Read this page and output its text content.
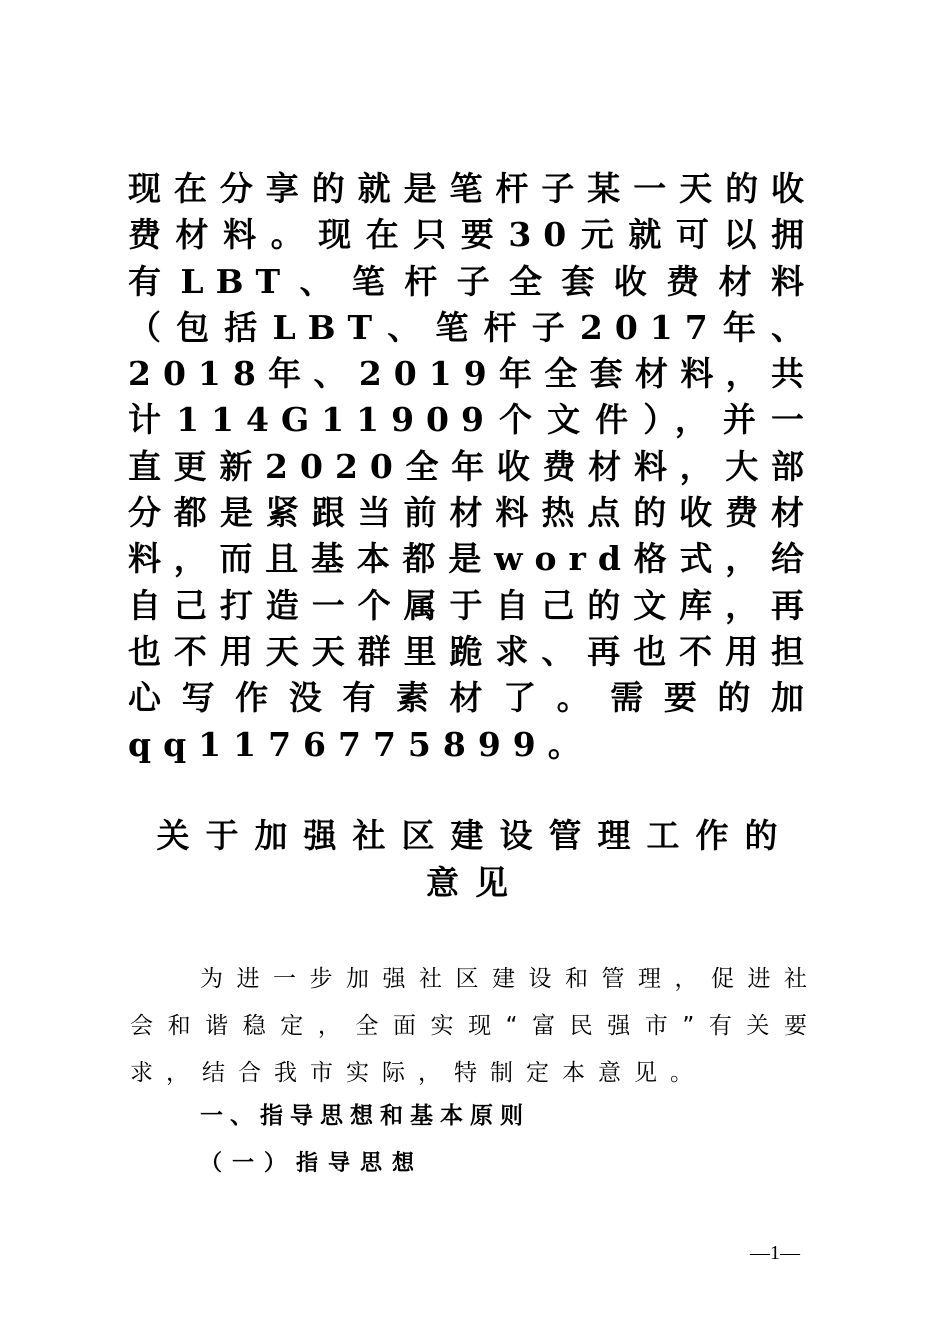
现在分享的就是笔杆子某一天的收费材料。现在只要30元就可以拥有LBT、笔杆子全套收费材料（包括LBT、笔杆子2017年、2018年、2019年全套材料，共计114G11909个文件），并一直更新2020全年收费材料，大部分都是紧跟当前材料热点的收费材料，而且基本都是word格式，给自己打造一个属于自己的文库，再也不用天天群里跪求、再也不用担心写作没有素材了。需要的加qq1176775899。

关于加强社区建设管理工作的
意见

为进一步加强社区建设和管理，促进社会和谐稳定，全面实现“富民强市”有关要求，结合我市实际，特制定本意见。

一、指导思想和基本原则
（一）指导思想
—1—
